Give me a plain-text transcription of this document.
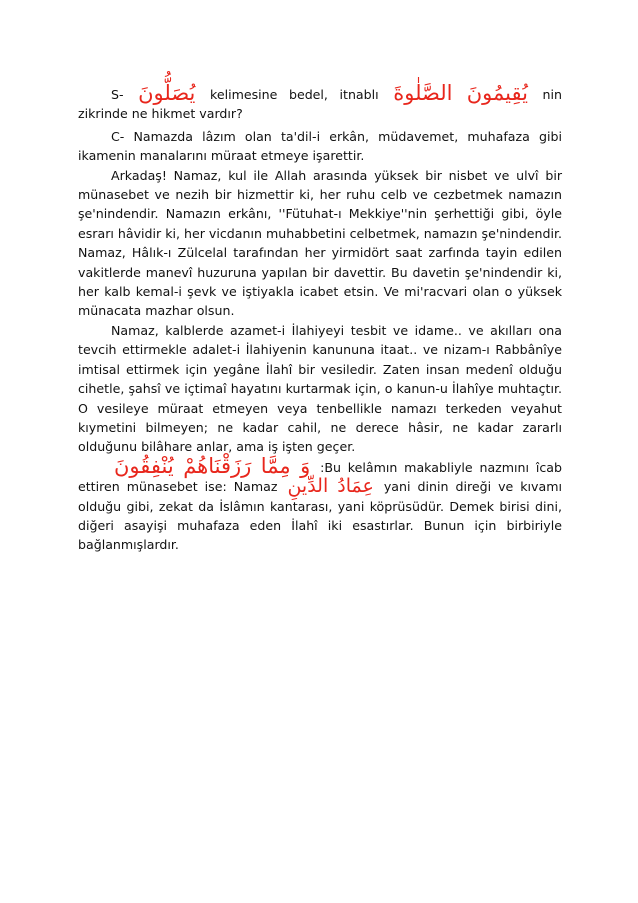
S- يُصَلُّونَ kelimesine bedel, itnablı يُقِيمُونَ الصَّلٰوةَ nin zikrinde ne hikmet vardır?

C- Namazda lâzım olan ta'dil-i erkân, müdavemet, muhafaza gibi ikamenin manalarını müraat etmeye işarettir.

Arkadaş! Namaz, kul ile Allah arasında yüksek bir nisbet ve ulvî bir münasebet ve nezih bir hizmettir ki, her ruhu celb ve cezbetmek namazın şe'nindendir. Namazın erkânı, ''Fütuhat-ı Mekkiye''nin şerhettiği gibi, öyle esrarı hâvidir ki, her vicdanın muhabbetini celbetmek, namazın şe'nindendir. Namaz, Hâlık-ı Zülcelal tarafından her yirmidört saat zarfında tayin edilen vakitlerde manevî huzuruna yapılan bir davettir. Bu davetin şe'nindendir ki, her kalb kemal-i şevk ve iştiyakla icabet etsin. Ve mi'racvari olan o yüksek münacata mazhar olsun.

Namaz, kalblerde azamet-i İlahiyeyi tesbit ve idame.. ve akılları ona tevcih ettirmekle adalet-i İlahiyenin kanununa itaat.. ve nizam-ı Rabbânîye imtisal ettirmek için yegâne İlahî bir vesiledir. Zaten insan medenî olduğu cihetle, şahsî ve içtimaî hayatını kurtarmak için, o kanun-u İlahîye muhtaçtır. O vesileye müraat etmeyen veya tenbellikle namazı terkeden veyahut kıymetini bilmeyen; ne kadar cahil, ne derece hâsir, ne kadar zararlı olduğunu bilâhare anlar, ama iş işten geçer.

وَ مِمَّا رَزَقْنَاهُمْ يُنْفِقُونَ :Bu kelâmın makabliyle nazmını îcab ettiren münasebet ise: Namaz عِمَادُ الدِّينِ yani dinin direği ve kıvamı olduğu gibi, zekat da İslâmın kantarası, yani köprüsüdür. Demek birisi dini, diğeri asayişi muhafaza eden İlahî iki esastırlar. Bunun için birbiriyle bağlanmışlardır.
